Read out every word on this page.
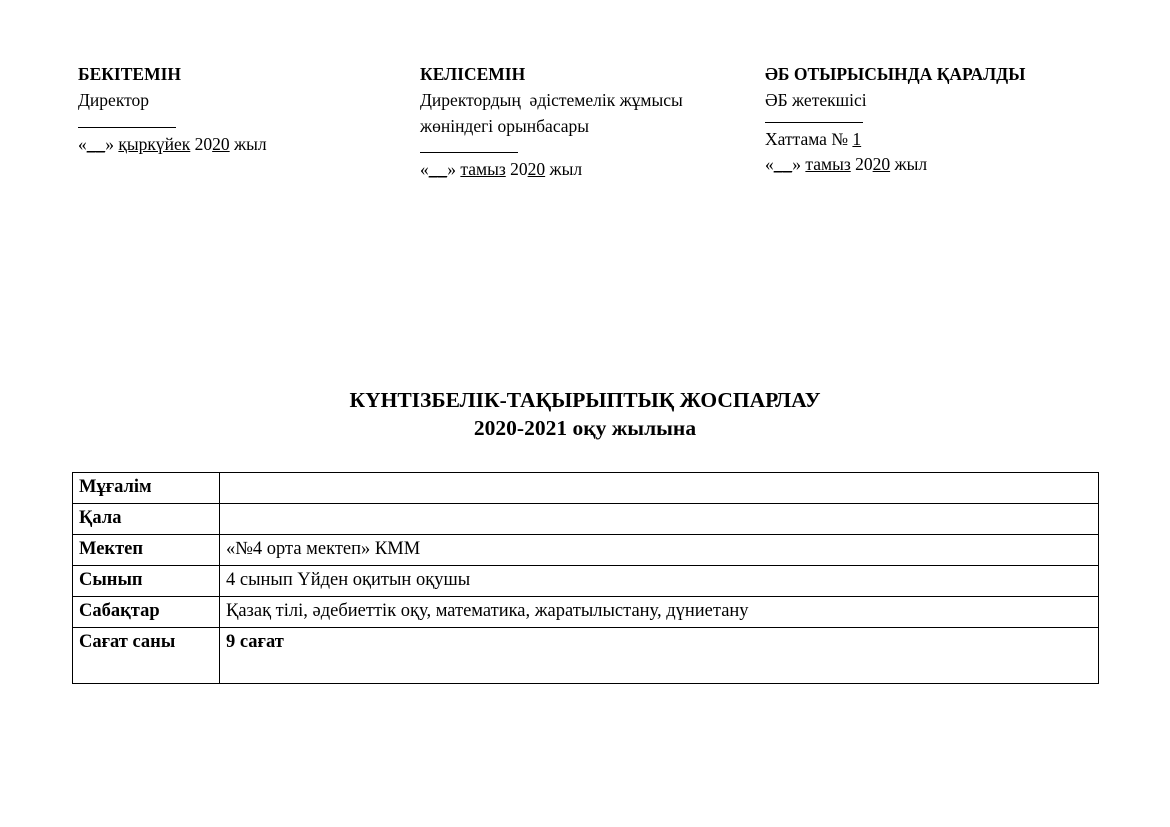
БЕКІТЕМІН
Директор
«__» қыркүйек 2020 жыл
КЕЛІСЕМІН
Директордың  әдістемелік жұмысы жөніндегі орынбасары
«__» тамыз 2020 жыл
ӘБ ОТЫРЫСЫНДА ҚАРАЛДЫ
ӘБ жетекшісі
Хаттама № 1
«__» тамыз 2020 жыл
КҮНТІЗБЕЛІК-ТАҚЫРЫПТЫҚ ЖОСПАРЛАУ
2020-2021 оқу жылына
Мұғалім	
Қала	
Мектеп	«№4 орта мектеп» КММ
Сынып	4 сынып Үйден оқитын оқушы
Сабақтар	Қазақ тілі, әдебиеттік оқу, математика, жаратылыстану, дүниетану
Сағат саны	9 сағат
